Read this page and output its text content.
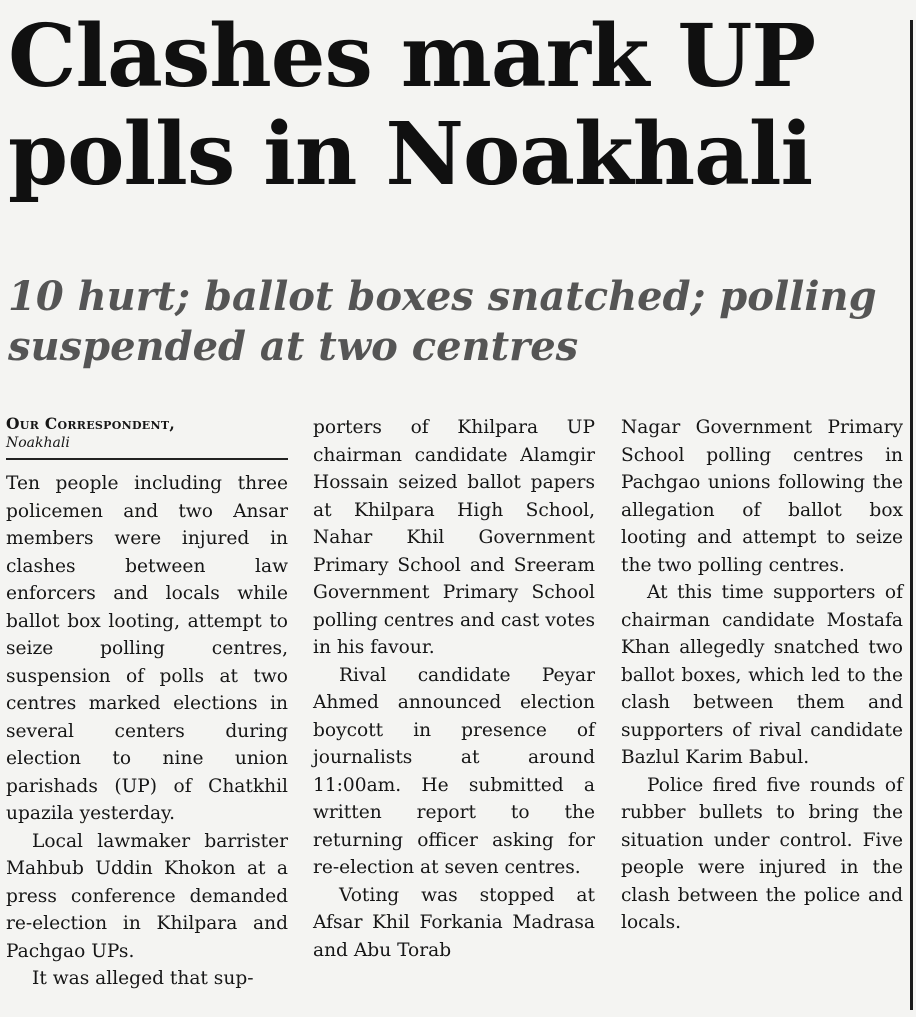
Clashes mark UP
polls in Noakhali
10 hurt; ballot boxes snatched; polling
suspended at two centres
Our Correspondent,
Noakhali

Ten people including three policemen and two Ansar members were injured in clashes between law enforcers and locals while ballot box looting, attempt to seize polling centres, suspension of polls at two centres marked elections in several centers during election to nine union parishads (UP) of Chatkhil upazila yesterday.

Local lawmaker barrister Mahbub Uddin Khokon at a press conference demanded re-election in Khilpara and Pachgao UPs.

It was alleged that sup-

porters of Khilpara UP chairman candidate Alamgir Hossain seized ballot papers at Khilpara High School, Nahar Khil Government Primary School and Sreeram Government Primary School polling centres and cast votes in his favour.

Rival candidate Peyar Ahmed announced election boycott in presence of journalists at around 11:00am. He submitted a written report to the returning officer asking for re-election at seven centres.

Voting was stopped at Afsar Khil Forkania Madrasa and Abu Torab

Nagar Government Primary School polling centres in Pachgao unions following the allegation of ballot box looting and attempt to seize the two polling centres.

At this time supporters of chairman candidate Mostafa Khan allegedly snatched two ballot boxes, which led to the clash between them and supporters of rival candidate Bazlul Karim Babul.

Police fired five rounds of rubber bullets to bring the situation under control. Five people were injured in the clash between the police and locals.
